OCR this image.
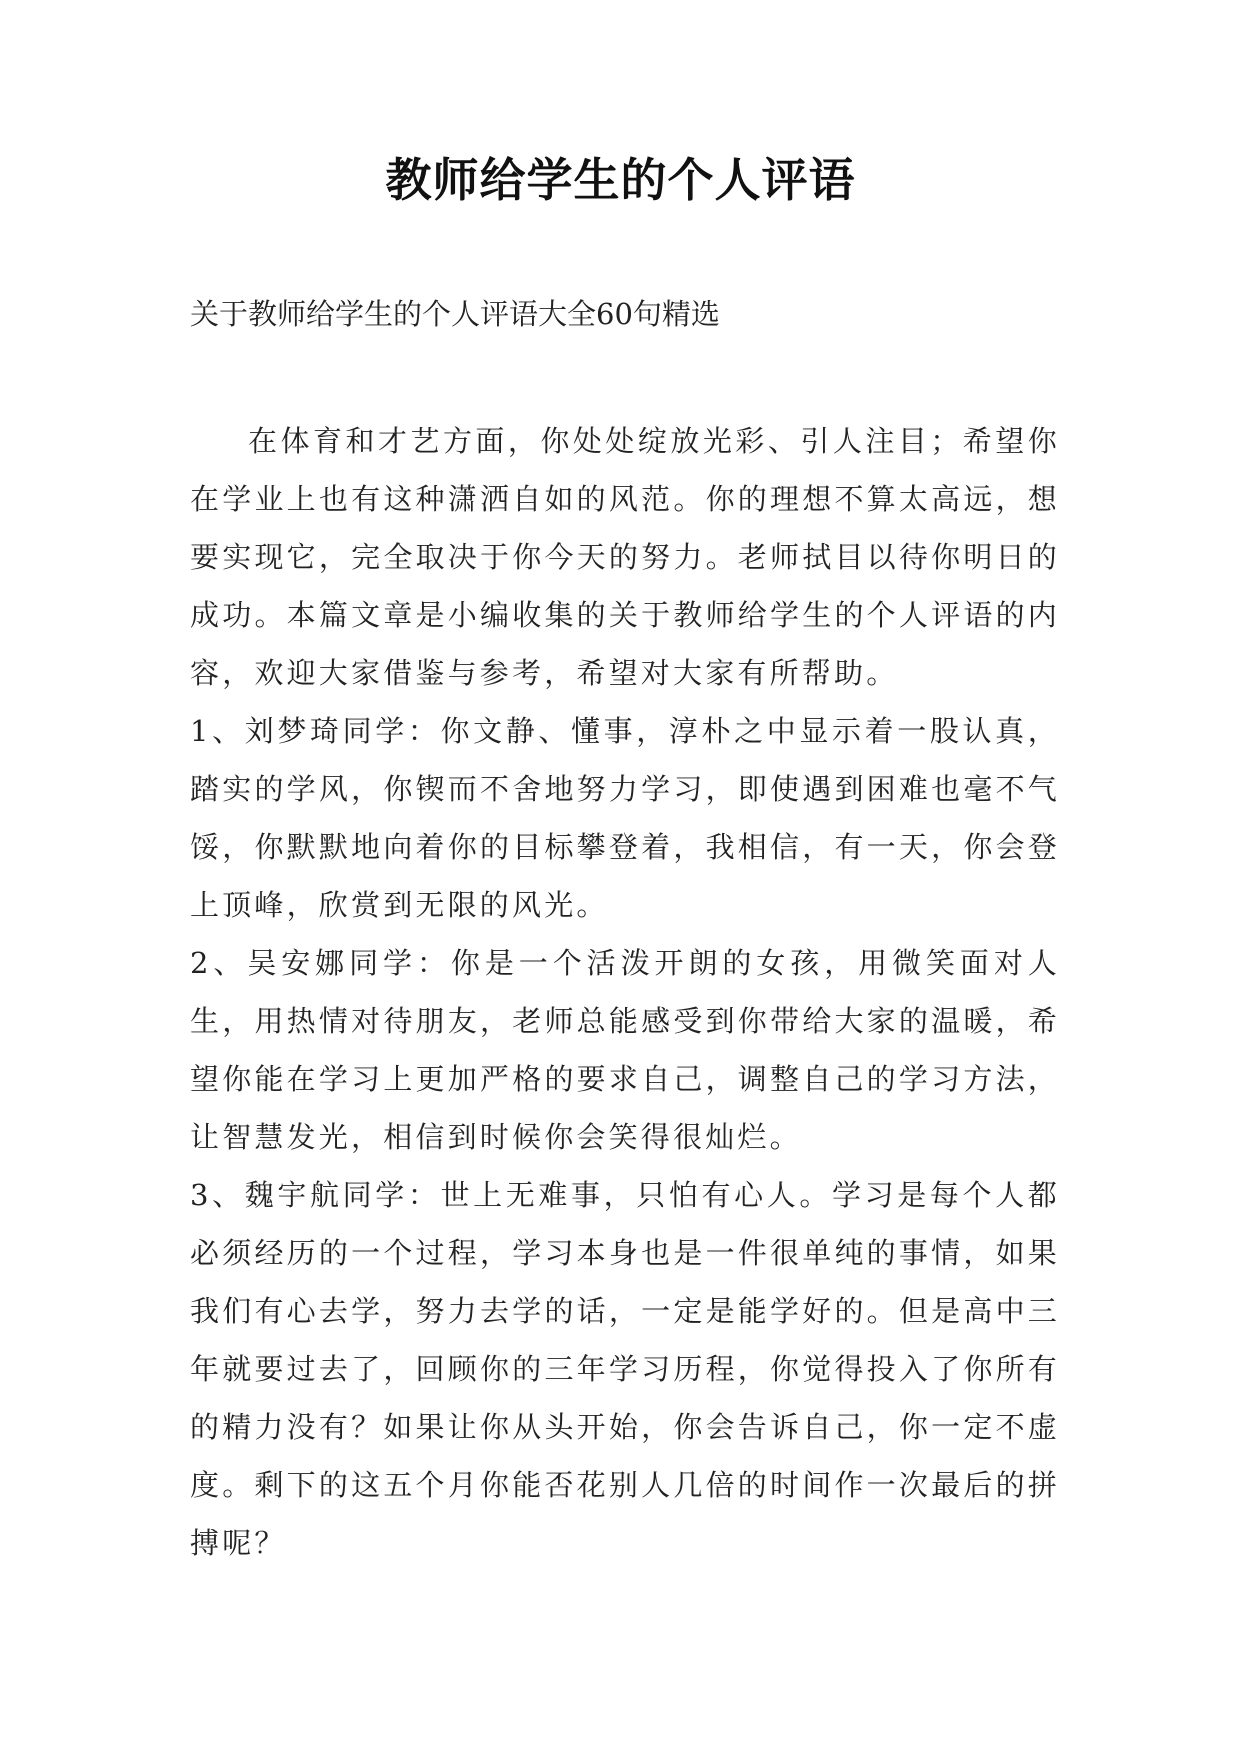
教师给学生的个人评语
关于教师给学生的个人评语大全60句精选

在体育和才艺方面，你处处绽放光彩、引人注目；希望你在学业上也有这种潇洒自如的风范。你的理想不算太高远，想要实现它，完全取决于你今天的努力。老师拭目以待你明日的成功。本篇文章是小编收集的关于教师给学生的个人评语的内容，欢迎大家借鉴与参考，希望对大家有所帮助。

1、刘梦琦同学：你文静、懂事，淳朴之中显示着一股认真，踏实的学风，你锲而不舍地努力学习，即使遇到困难也毫不气馁，你默默地向着你的目标攀登着，我相信，有一天，你会登上顶峰，欣赏到无限的风光。

2、吴安娜同学：你是一个活泼开朗的女孩，用微笑面对人生，用热情对待朋友，老师总能感受到你带给大家的温暖，希望你能在学习上更加严格的要求自己，调整自己的学习方法，让智慧发光，相信到时候你会笑得很灿烂。

3、魏宇航同学：世上无难事，只怕有心人。学习是每个人都必须经历的一个过程，学习本身也是一件很单纯的事情，如果我们有心去学，努力去学的话，一定是能学好的。但是高中三年就要过去了，回顾你的三年学习历程，你觉得投入了你所有的精力没有？如果让你从头开始，你会告诉自己，你一定不虚度。剩下的这五个月你能否花别人几倍的时间作一次最后的拼搏呢？
